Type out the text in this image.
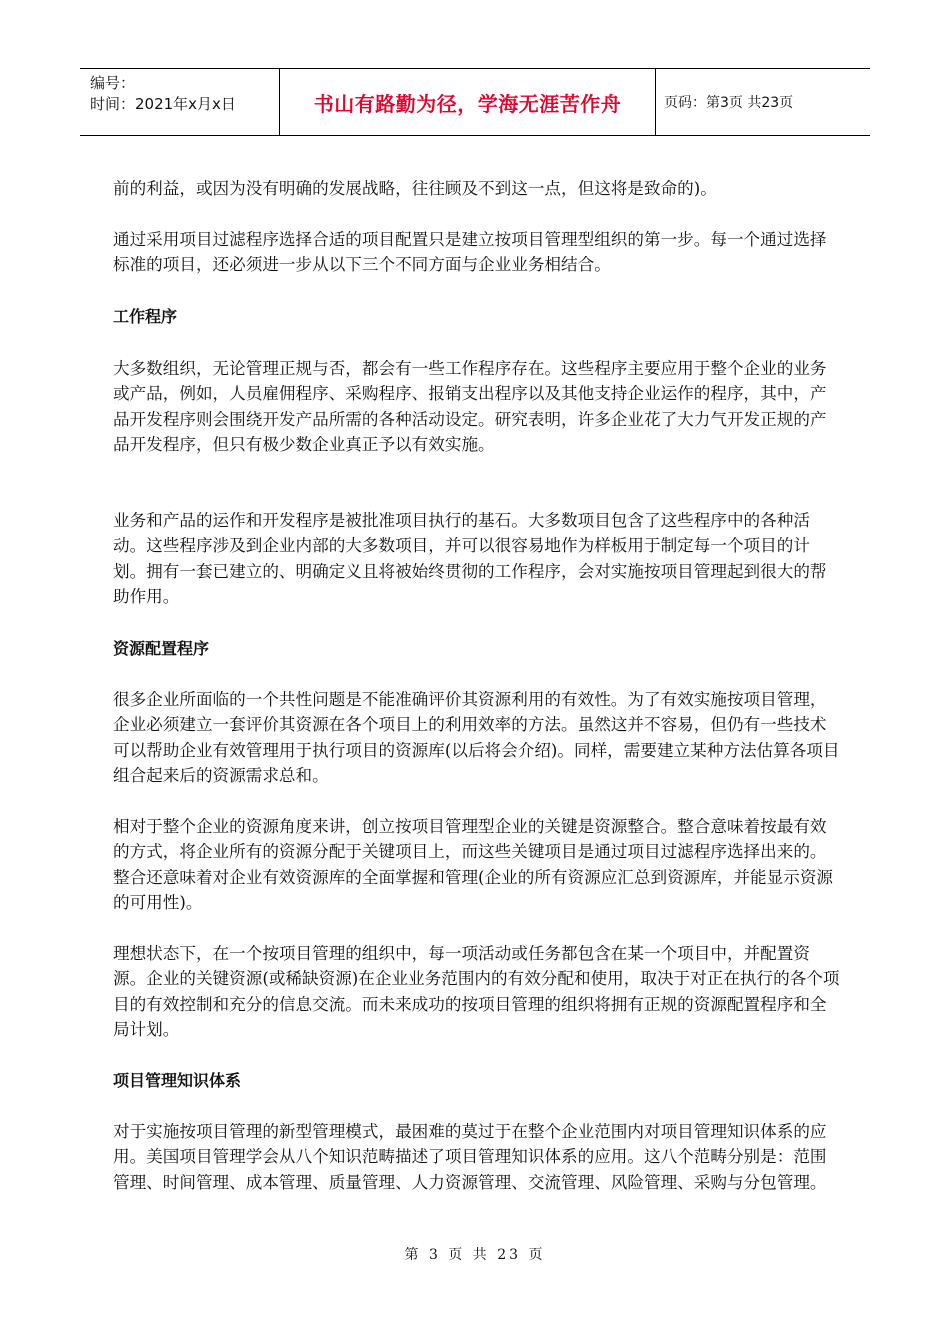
编号：
时间：2021年x月x日	书山有路勤为径，学海无涯苦作舟	页码：第3页 共23页

前的利益，或因为没有明确的发展战略，往往顾及不到这一点，但这将是致命的)。

通过采用项目过滤程序选择合适的项目配置只是建立按项目管理型组织的第一步。每一个通过选择标准的项目，还必须进一步从以下三个不同方面与企业业务相结合。

工作程序

大多数组织，无论管理正规与否，都会有一些工作程序存在。这些程序主要应用于整个企业的业务或产品，例如，人员雇佣程序、采购程序、报销支出程序以及其他支持企业运作的程序，其中，产品开发程序则会围绕开发产品所需的各种活动设定。研究表明，许多企业花了大力气开发正规的产品开发程序，但只有极少数企业真正予以有效实施。

业务和产品的运作和开发程序是被批准项目执行的基石。大多数项目包含了这些程序中的各种活动。这些程序涉及到企业内部的大多数项目，并可以很容易地作为样板用于制定每一个项目的计划。拥有一套已建立的、明确定义且将被始终贯彻的工作程序，会对实施按项目管理起到很大的帮助作用。

资源配置程序

很多企业所面临的一个共性问题是不能准确评价其资源利用的有效性。为了有效实施按项目管理，企业必须建立一套评价其资源在各个项目上的利用效率的方法。虽然这并不容易，但仍有一些技术可以帮助企业有效管理用于执行项目的资源库(以后将会介绍)。同样，需要建立某种方法估算各项目组合起来后的资源需求总和。

相对于整个企业的资源角度来讲，创立按项目管理型企业的关键是资源整合。整合意味着按最有效的方式，将企业所有的资源分配于关键项目上，而这些关键项目是通过项目过滤程序选择出来的。整合还意味着对企业有效资源库的全面掌握和管理(企业的所有资源应汇总到资源库，并能显示资源的可用性)。

理想状态下，在一个按项目管理的组织中，每一项活动或任务都包含在某一个项目中，并配置资源。企业的关键资源(或稀缺资源)在企业业务范围内的有效分配和使用，取决于对正在执行的各个项目的有效控制和充分的信息交流。而未来成功的按项目管理的组织将拥有正规的资源配置程序和全局计划。

项目管理知识体系

对于实施按项目管理的新型管理模式，最困难的莫过于在整个企业范围内对项目管理知识体系的应用。美国项目管理学会从八个知识范畴描述了项目管理知识体系的应用。这八个范畴分别是：范围管理、时间管理、成本管理、质量管理、人力资源管理、交流管理、风险管理、采购与分包管理。

第 3 页 共 23 页
